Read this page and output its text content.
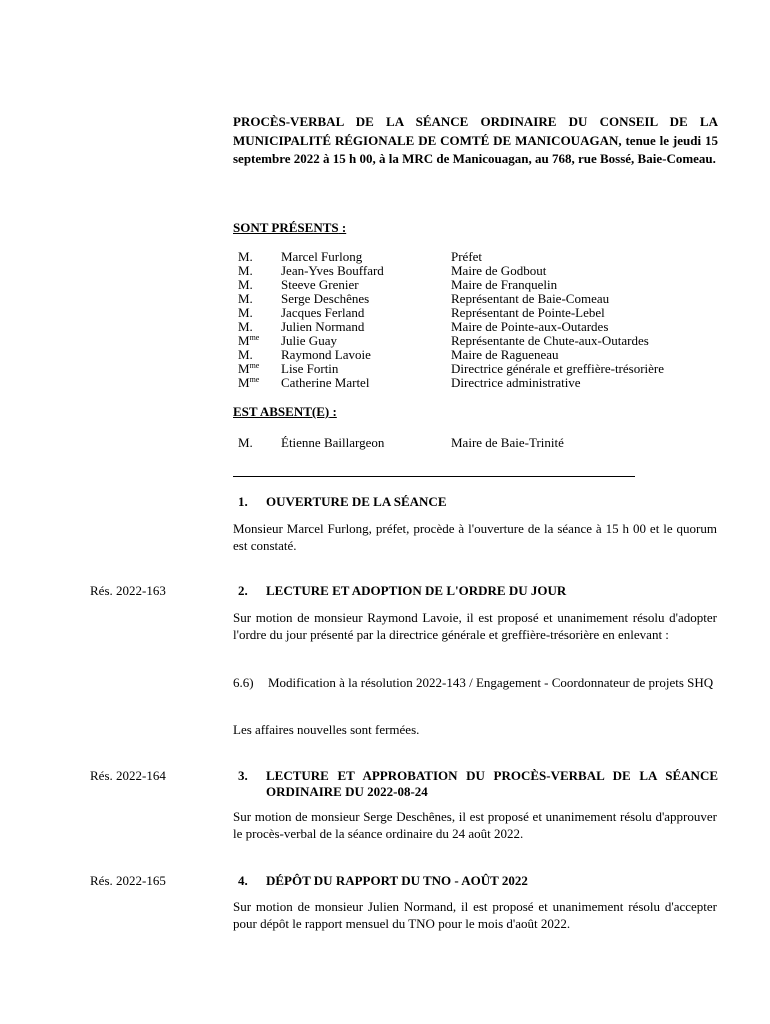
PROCÈS-VERBAL DE LA SÉANCE ORDINAIRE DU CONSEIL DE LA MUNICIPALITÉ RÉGIONALE DE COMTÉ DE MANICOUAGAN, tenue le jeudi 15 septembre 2022 à 15 h 00, à la MRC de Manicouagan, au 768, rue Bossé, Baie-Comeau.
SONT PRÉSENTS :
M. Marcel Furlong	Préfet
M. Jean-Yves Bouffard	Maire de Godbout
M. Steeve Grenier	Maire de Franquelin
M. Serge Deschênes	Représentant de Baie-Comeau
M. Jacques Ferland	Représentant de Pointe-Lebel
M. Julien Normand	Maire de Pointe-aux-Outardes
$M^{me}$ Julie Guay	Représentante de Chute-aux-Outardes
M. Raymond Lavoie	Maire de Ragueneau
$M^{me}$ Lise Fortin	Directrice générale et greffière-trésorière
$M^{me}$ Catherine Martel	Directrice administrative
EST ABSENT(E) :
M. Étienne Baillargeon	Maire de Baie-Trinité
1. OUVERTURE DE LA SÉANCE
Monsieur Marcel Furlong, préfet, procède à l'ouverture de la séance à 15 h 00 et le quorum est constaté.
Rés. 2022-163	2. LECTURE ET ADOPTION DE L'ORDRE DU JOUR
Sur motion de monsieur Raymond Lavoie, il est proposé et unanimement résolu d'adopter l'ordre du jour présenté par la directrice générale et greffière-trésorière en enlevant :
6.6) Modification à la résolution 2022-143 / Engagement - Coordonnateur de projets SHQ
Les affaires nouvelles sont fermées.
Rés. 2022-164	3. LECTURE ET APPROBATION DU PROCÈS-VERBAL DE LA SÉANCE ORDINAIRE DU 2022-08-24
Sur motion de monsieur Serge Deschênes, il est proposé et unanimement résolu d'approuver le procès-verbal de la séance ordinaire du 24 août 2022.
Rés. 2022-165	4. DÉPÔT DU RAPPORT DU TNO - AOÛT 2022
Sur motion de monsieur Julien Normand, il est proposé et unanimement résolu d'accepter pour dépôt le rapport mensuel du TNO pour le mois d'août 2022.
